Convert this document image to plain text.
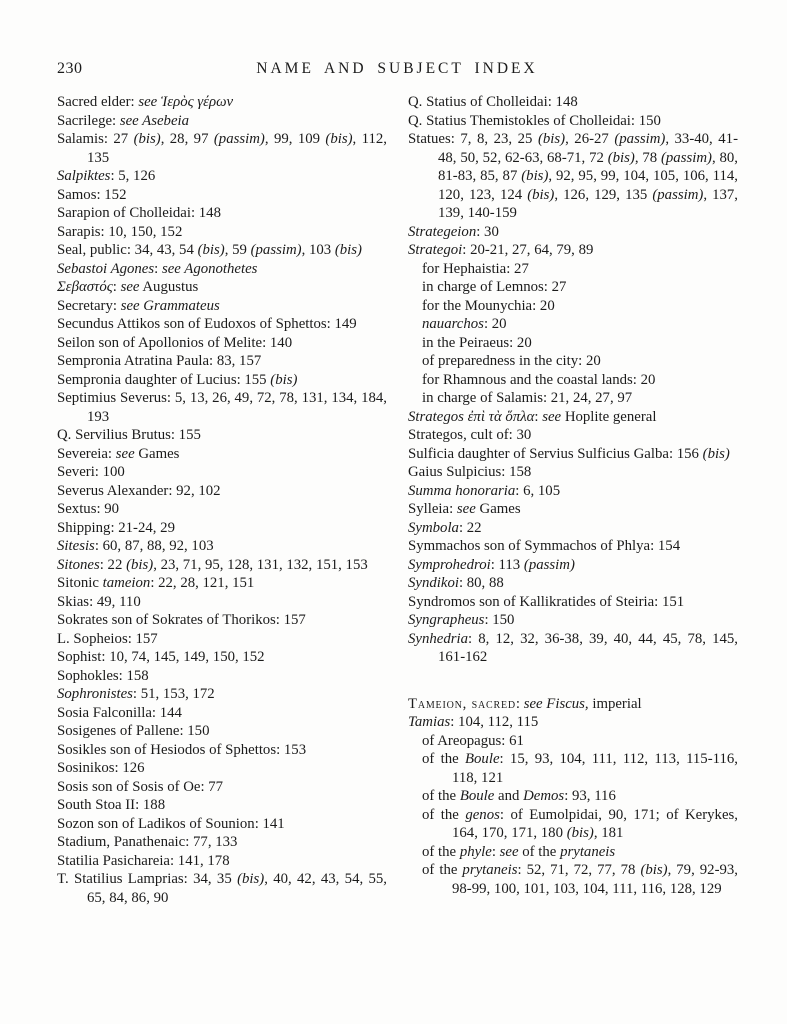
230	NAME AND SUBJECT INDEX

Sacred elder: see Ἱερὸς γέρων

Sacrilege: see Asebeia

Salamis: 27 (bis), 28, 97 (passim), 99, 109 (bis), 112, 135

Salpiktes: 5, 126

Samos: 152

Sarapion of Cholleidai: 148

Sarapis: 10, 150, 152

Seal, public: 34, 43, 54 (bis), 59 (passim), 103 (bis)

Sebastoi Agones: see Agonothetes

Σεβαστός: see Augustus

Secretary: see Grammateus

Secundus Attikos son of Eudoxos of Sphettos: 149

Seilon son of Apollonios of Melite: 140

Sempronia Atratina Paula: 83, 157

Sempronia daughter of Lucius: 155 (bis)

Septimius Severus: 5, 13, 26, 49, 72, 78, 131, 134, 184, 193

Q. Servilius Brutus: 155

Severeia: see Games

Severi: 100

Severus Alexander: 92, 102

Sextus: 90

Shipping: 21-24, 29

Sitesis: 60, 87, 88, 92, 103

Sitones: 22 (bis), 23, 71, 95, 128, 131, 132, 151, 153

Sitonic tameion: 22, 28, 121, 151

Skias: 49, 110

Sokrates son of Sokrates of Thorikos: 157

L. Sopheios: 157

Sophist: 10, 74, 145, 149, 150, 152

Sophokles: 158

Sophronistes: 51, 153, 172

Sosia Falconilla: 144

Sosigenes of Pallene: 150

Sosikles son of Hesiodos of Sphettos: 153

Sosinikos: 126

Sosis son of Sosis of Oe: 77

South Stoa II: 188

Sozon son of Ladikos of Sounion: 141

Stadium, Panathenaic: 77, 133

Statilia Pasichareia: 141, 178

T. Statilius Lamprias: 34, 35 (bis), 40, 42, 43, 54, 55, 65, 84, 86, 90

Q. Statius of Cholleidai: 148

Q. Statius Themistokles of Cholleidai: 150

Statues: 7, 8, 23, 25 (bis), 26-27 (passim), 33-40, 41-48, 50, 52, 62-63, 68-71, 72 (bis), 78 (passim), 80, 81-83, 85, 87 (bis), 92, 95, 99, 104, 105, 106, 114, 120, 123, 124 (bis), 126, 129, 135 (passim), 137, 139, 140-159

Strategeion: 30

Strategoi: 20-21, 27, 64, 79, 89

for Hephaistia: 27

in charge of Lemnos: 27

for the Mounychia: 20

nauarchos: 20

in the Peiraeus: 20

of preparedness in the city: 20

for Rhamnous and the coastal lands: 20

in charge of Salamis: 21, 24, 27, 97

Strategos ἐπὶ τὰ ὅπλα: see Hoplite general

Strategos, cult of: 30

Sulficia daughter of Servius Sulficius Galba: 156 (bis)

Gaius Sulpicius: 158

Summa honoraria: 6, 105

Sylleia: see Games

Symbola: 22

Symmachos son of Symmachos of Phlya: 154

Symprohedroi: 113 (passim)

Syndikoi: 80, 88

Syndromos son of Kallikratides of Steiria: 151

Syngrapheus: 150

Synhedria: 8, 12, 32, 36-38, 39, 40, 44, 45, 78, 145, 161-162

Tameion, sacred: see Fiscus, imperial

Tamias: 104, 112, 115

of Areopagus: 61

of the Boule: 15, 93, 104, 111, 112, 113, 115-116, 118, 121

of the Boule and Demos: 93, 116

of the genos: of Eumolpidai, 90, 171; of Kerykes, 164, 170, 171, 180 (bis), 181

of the phyle: see of the prytaneis

of the prytaneis: 52, 71, 72, 77, 78 (bis), 79, 92-93, 98-99, 100, 101, 103, 104, 111, 116, 128, 129
